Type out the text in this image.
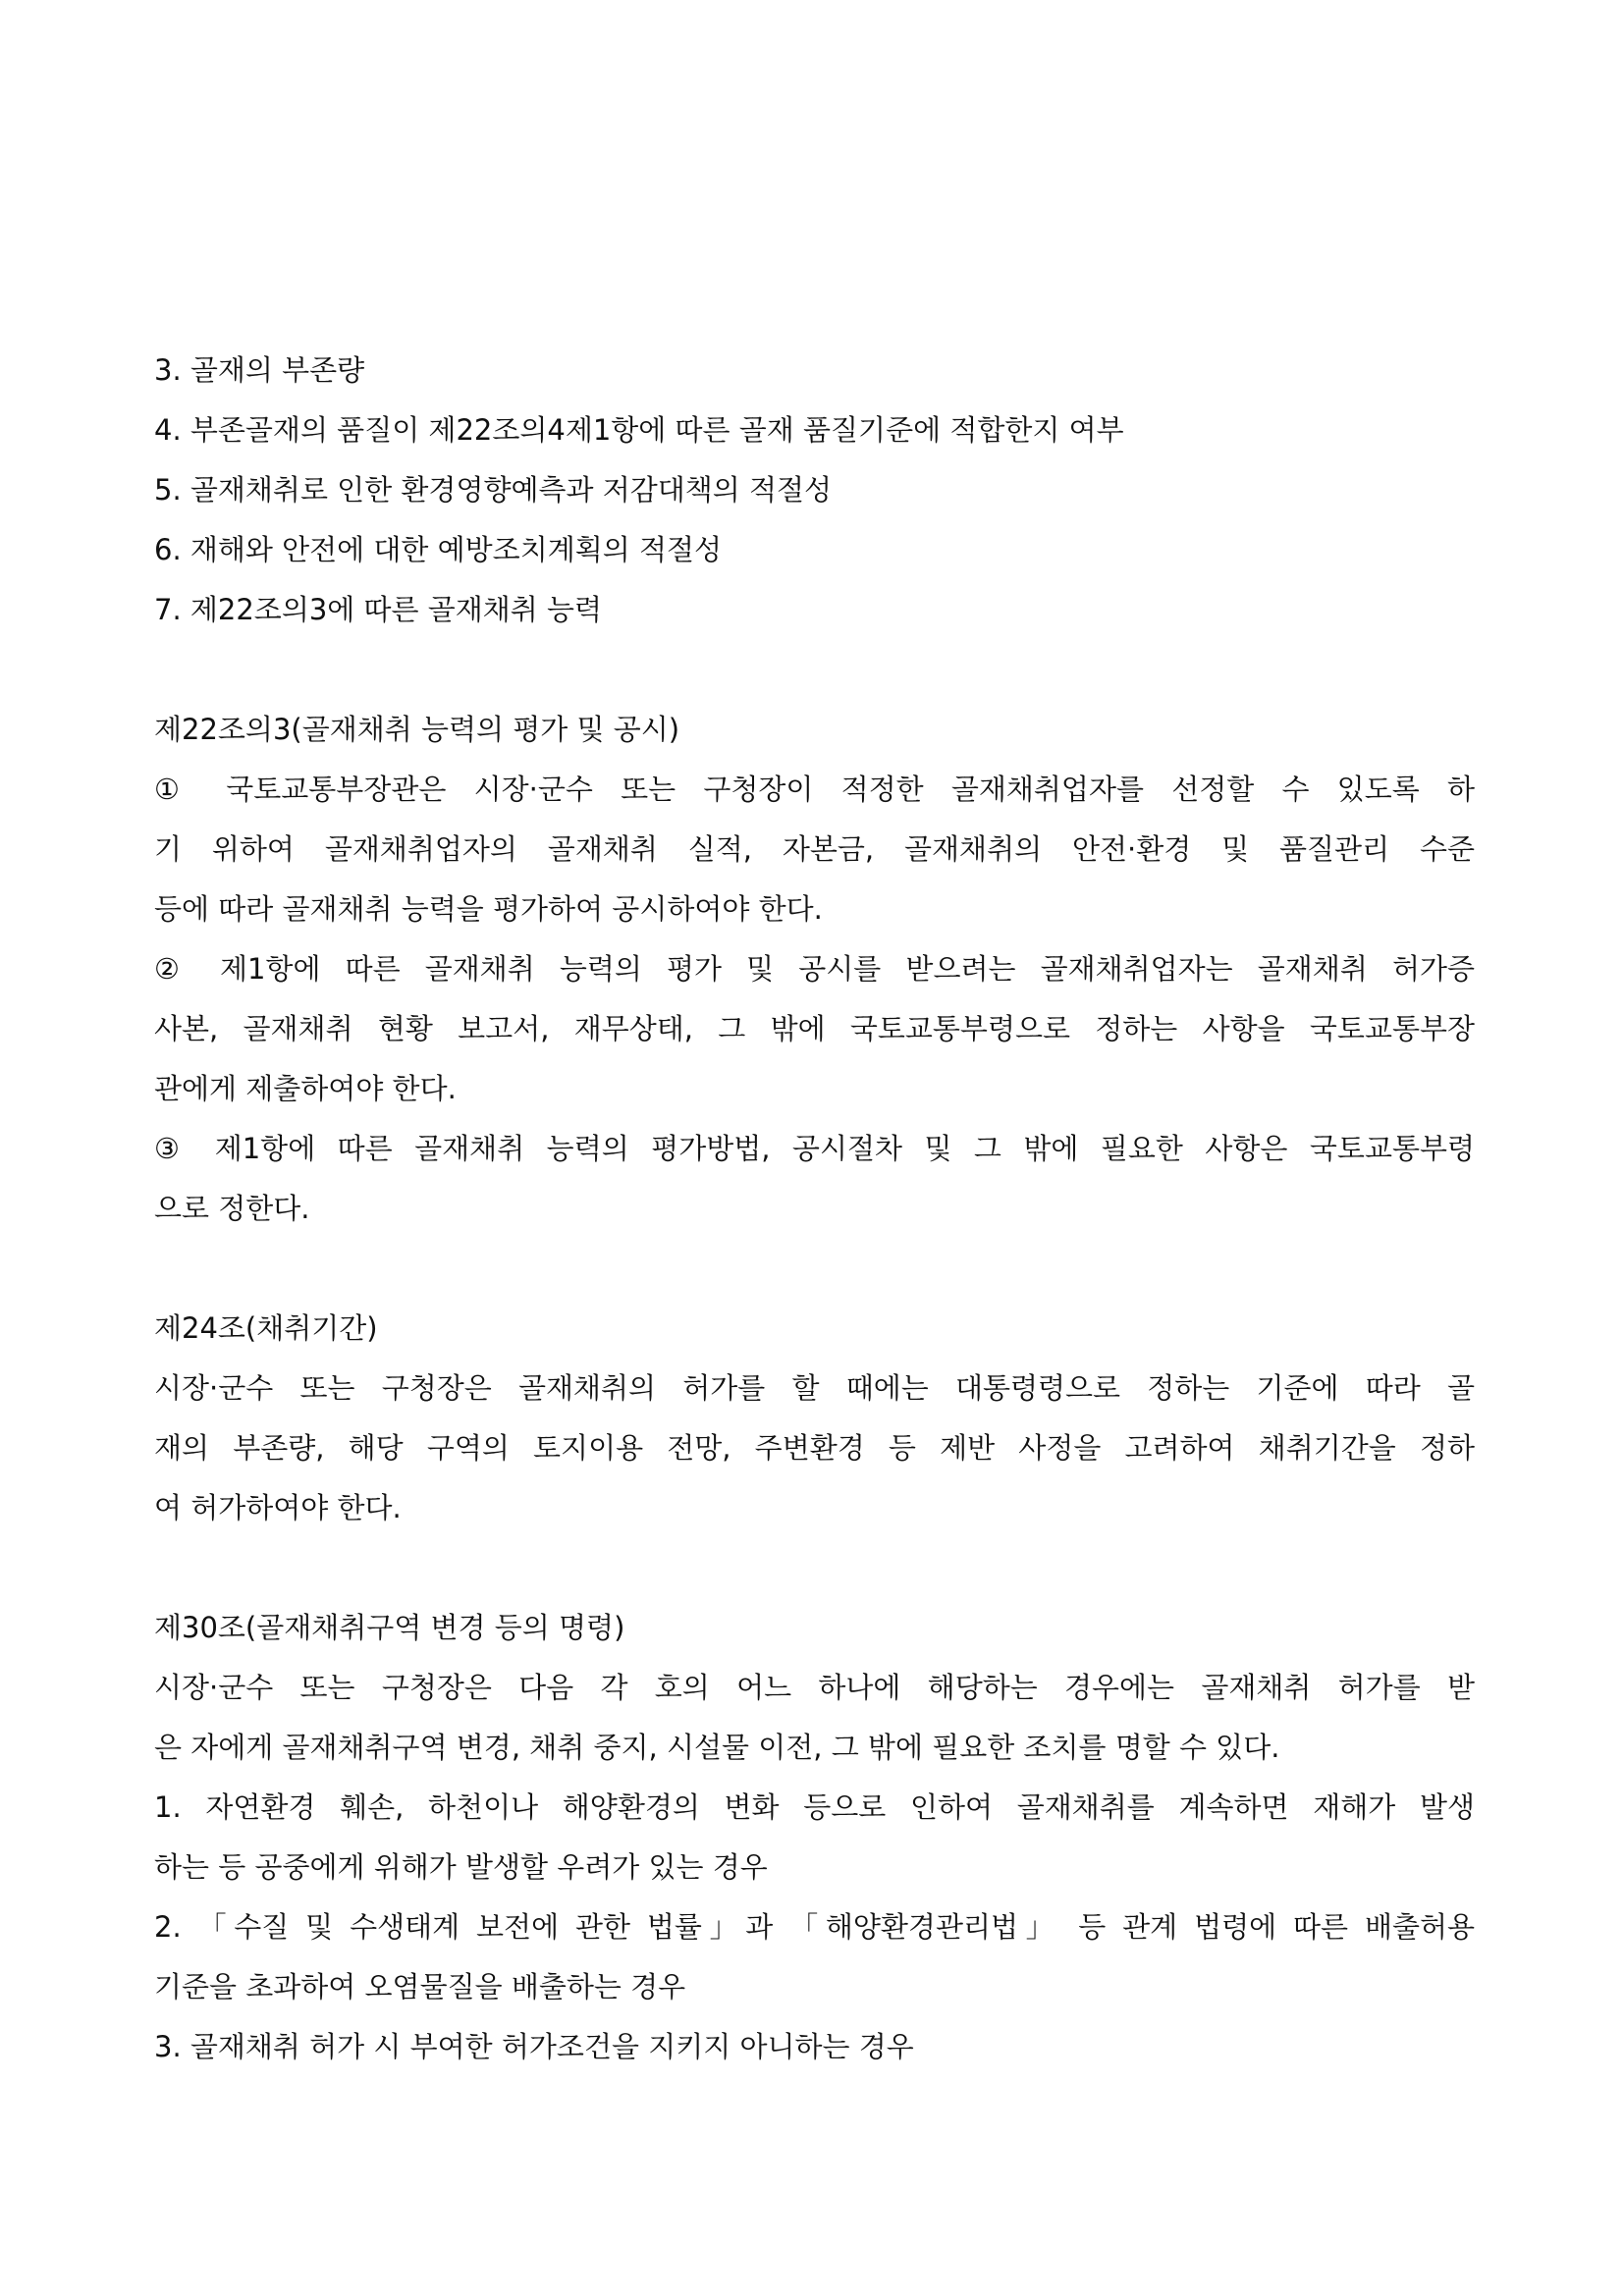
3. 골재의 부존량
4. 부존골재의 품질이 제22조의4제1항에 따른 골재 품질기준에 적합한지 여부
5. 골재채취로 인한 환경영향예측과 저감대책의 적절성
6. 재해와 안전에 대한 예방조치계획의 적절성
7. 제22조의3에 따른 골재채취 능력
제22조의3(골재채취 능력의 평가 및 공시)
① 국토교통부장관은 시장·군수 또는 구청장이 적정한 골재채취업자를 선정할 수 있도록 하
기 위하여 골재채취업자의 골재채취 실적, 자본금, 골재채취의 안전·환경 및 품질관리 수준
등에 따라 골재채취 능력을 평가하여 공시하여야 한다.
② 제1항에 따른 골재채취 능력의 평가 및 공시를 받으려는 골재채취업자는 골재채취 허가증
사본, 골재채취 현황 보고서, 재무상태, 그 밖에 국토교통부령으로 정하는 사항을 국토교통부장
관에게 제출하여야 한다.
③ 제1항에 따른 골재채취 능력의 평가방법, 공시절차 및 그 밖에 필요한 사항은 국토교통부령
으로 정한다.
제24조(채취기간)
시장·군수 또는 구청장은 골재채취의 허가를 할 때에는 대통령령으로 정하는 기준에 따라 골
재의 부존량, 해당 구역의 토지이용 전망, 주변환경 등 제반 사정을 고려하여 채취기간을 정하
여 허가하여야 한다.
제30조(골재채취구역 변경 등의 명령)
시장·군수 또는 구청장은 다음 각 호의 어느 하나에 해당하는 경우에는 골재채취 허가를 받
은 자에게 골재채취구역 변경, 채취 중지, 시설물 이전, 그 밖에 필요한 조치를 명할 수 있다.
1. 자연환경 훼손, 하천이나 해양환경의 변화 등으로 인하여 골재채취를 계속하면 재해가 발생
하는 등 공중에게 위해가 발생할 우려가 있는 경우
2. 「수질 및 수생태계 보전에 관한 법률」과 「해양환경관리법」 등 관계 법령에 따른 배출허용
기준을 초과하여 오염물질을 배출하는 경우
3. 골재채취 허가 시 부여한 허가조건을 지키지 아니하는 경우
